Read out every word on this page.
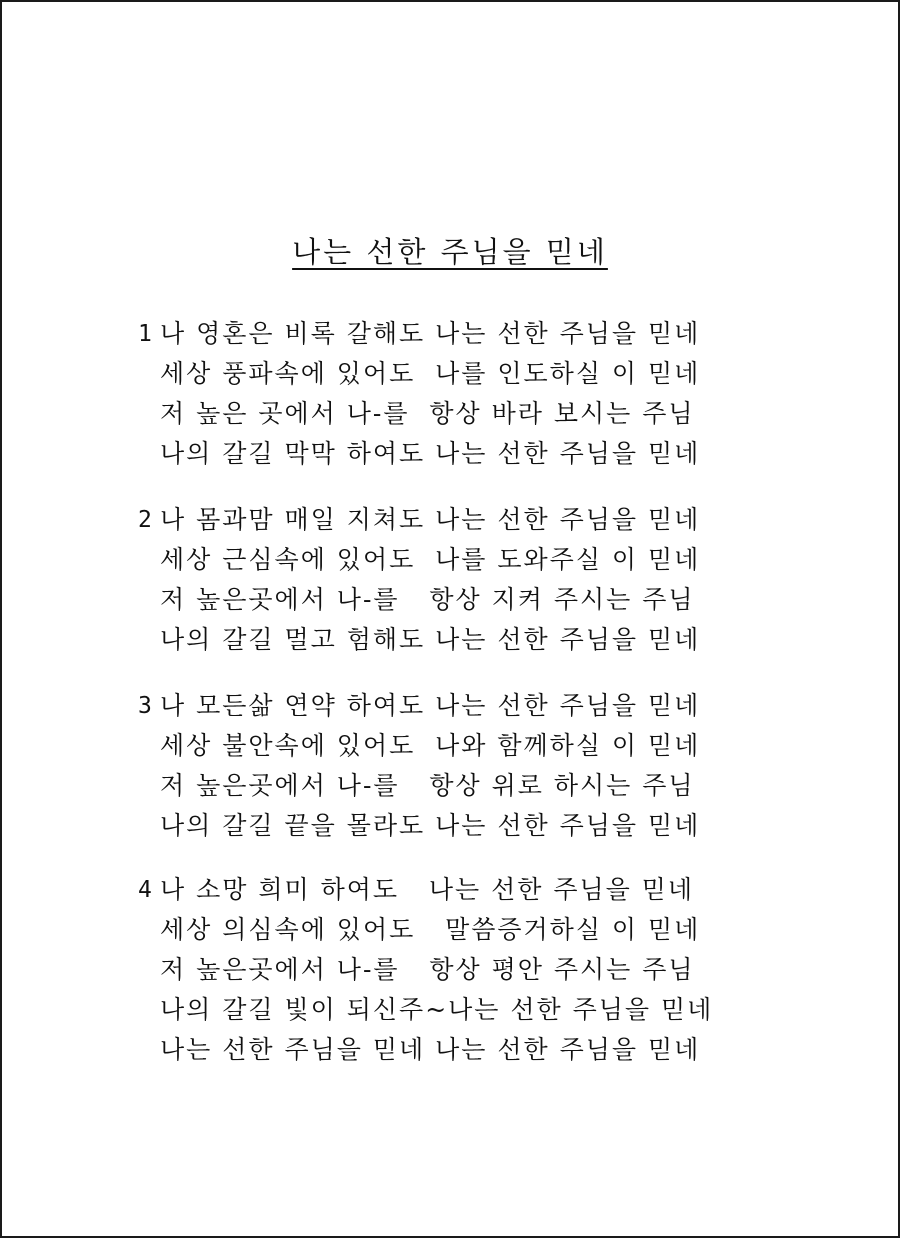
나는 선한 주님을 믿네
1 나 영혼은 비록 갈해도 나는 선한 주님을 믿네
세상 풍파속에 있어도  나를 인도하실 이 믿네
저 높은 곳에서 나-를  항상 바라 보시는 주님
나의 갈길 막막 하여도 나는 선한 주님을 믿네
2 나 몸과맘 매일 지쳐도 나는 선한 주님을 믿네
세상 근심속에 있어도  나를 도와주실 이 믿네
저 높은곳에서 나-를   항상 지켜 주시는 주님
나의 갈길 멀고 험해도 나는 선한 주님을 믿네
3 나 모든삶 연약 하여도 나는 선한 주님을 믿네
세상 불안속에 있어도  나와 함께하실 이 믿네
저 높은곳에서 나-를   항상 위로 하시는 주님
나의 갈길 끝을 몰라도 나는 선한 주님을 믿네
4 나 소망 희미 하여도   나는 선한 주님을 믿네
세상 의심속에 있어도   말씀증거하실 이 믿네
저 높은곳에서 나-를   항상 평안 주시는 주님
나의 갈길 빛이 되신주~나는 선한 주님을 믿네
나는 선한 주님을 믿네 나는 선한 주님을 믿네
